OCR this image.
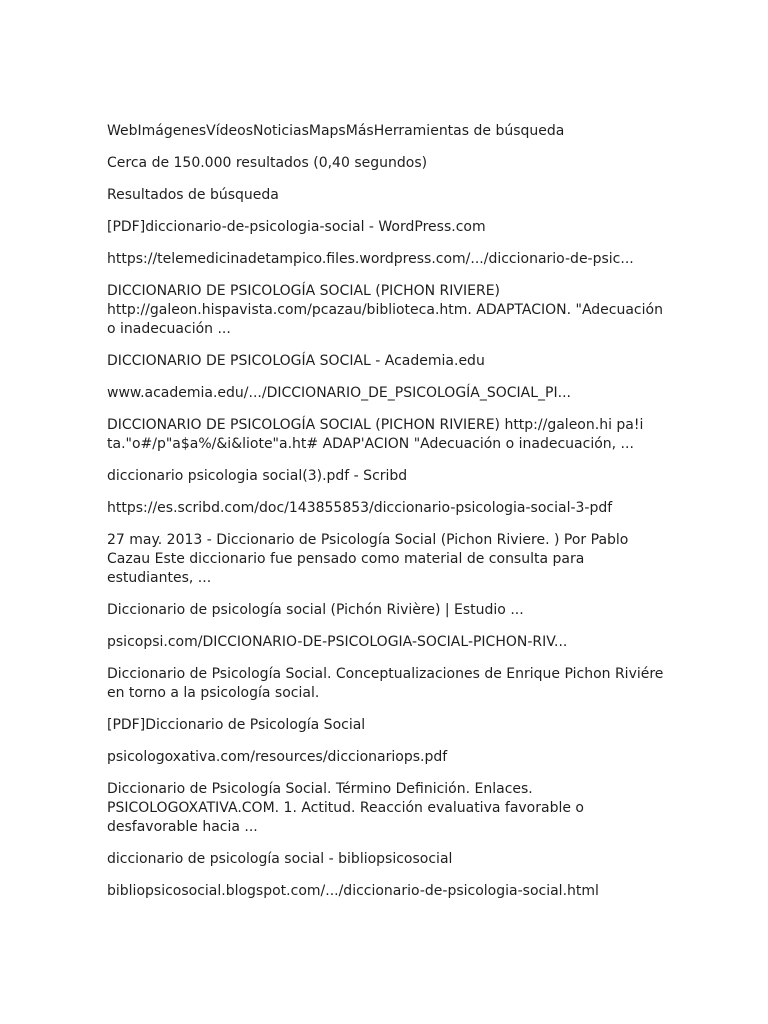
WebImágenesVídeosNoticiasMapsMásHerramientas de búsqueda
Cerca de 150.000 resultados (0,40 segundos)
Resultados de búsqueda
[PDF]diccionario-de-psicologia-social - WordPress.com
https://telemedicinadetampico.files.wordpress.com/.../diccionario-de-psic...
DICCIONARIO DE PSICOLOGÍA SOCIAL (PICHON RIVIERE) http://galeon.hispavista.com/pcazau/biblioteca.htm. ADAPTACION. "Adecuación o inadecuación ...
DICCIONARIO DE PSICOLOGÍA SOCIAL - Academia.edu
www.academia.edu/.../DICCIONARIO_DE_PSICOLOGÍA_SOCIAL_PI...
DICCIONARIO DE PSICOLOGÍA SOCIAL (PICHON RIVIERE) http://galeon.hi pa!i ta."o#/p"a$a%/&i&liote"a.ht# ADAP'ACION "Adecuación o inadecuación, ...
diccionario psicologia social(3).pdf - Scribd
https://es.scribd.com/doc/143855853/diccionario-psicologia-social-3-pdf
27 may. 2013 - Diccionario de Psicología Social (Pichon Riviere. ) Por Pablo Cazau Este diccionario fue pensado como material de consulta para estudiantes, ...
Diccionario de psicología social (Pichón Rivière) | Estudio ...
psicopsi.com/DICCIONARIO-DE-PSICOLOGIA-SOCIAL-PICHON-RIV...
Diccionario de Psicología Social. Conceptualizaciones de Enrique Pichon Riviére en torno a la psicología social.
[PDF]Diccionario de Psicología Social
psicologoxativa.com/resources/diccionariops.pdf
Diccionario de Psicología Social. Término Definición. Enlaces. PSICOLOGOXATIVA.COM. 1. Actitud. Reacción evaluativa favorable o desfavorable hacia ...
diccionario de psicología social - bibliopsicosocial
bibliopsicosocial.blogspot.com/.../diccionario-de-psicologia-social.html
